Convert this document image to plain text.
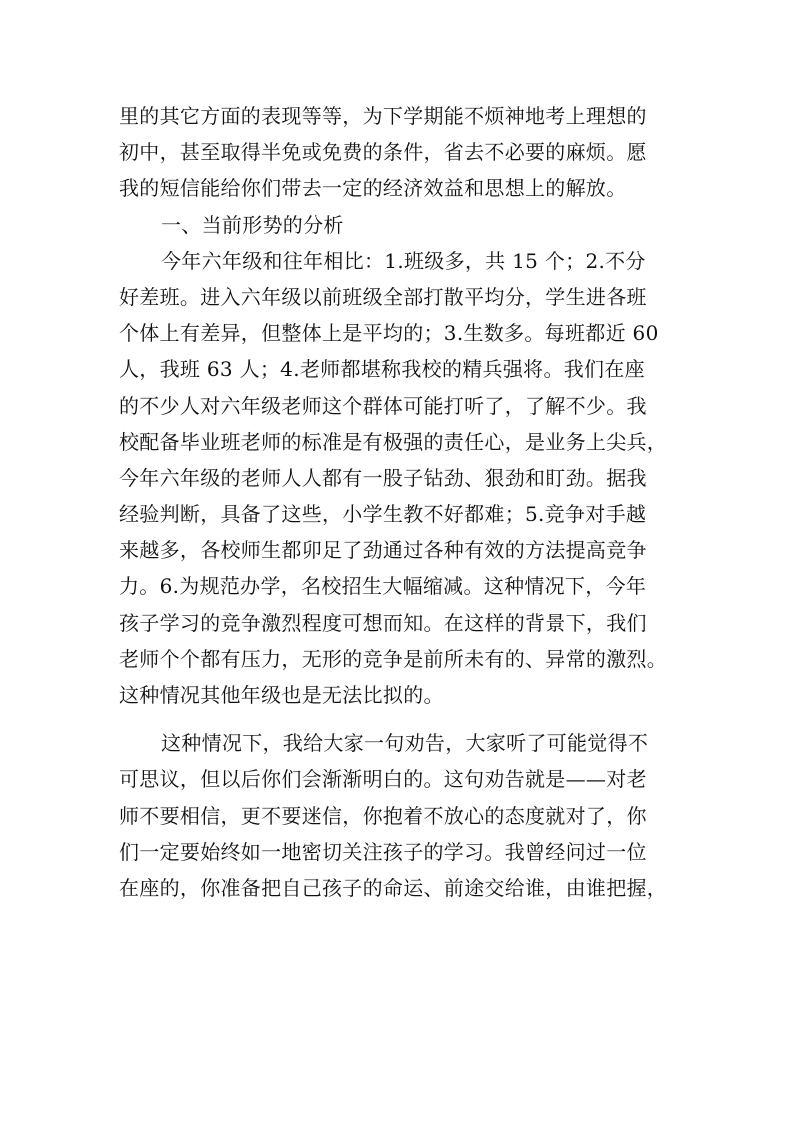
里的其它方面的表现等等，为下学期能不烦神地考上理想的
初中，甚至取得半免或免费的条件，省去不必要的麻烦。愿
我的短信能给你们带去一定的经济效益和思想上的解放。
一、当前形势的分析
今年六年级和往年相比：1.班级多，共 15 个；2.不分
好差班。进入六年级以前班级全部打散平均分，学生进各班
个体上有差异，但整体上是平均的；3.生数多。每班都近 60
人，我班 63 人；4.老师都堪称我校的精兵强将。我们在座
的不少人对六年级老师这个群体可能打听了，了解不少。我
校配备毕业班老师的标准是有极强的责任心，是业务上尖兵，
今年六年级的老师人人都有一股子钻劲、狠劲和盯劲。据我
经验判断，具备了这些，小学生教不好都难；5.竞争对手越
来越多，各校师生都卯足了劲通过各种有效的方法提高竞争
力。6.为规范办学，名校招生大幅缩减。这种情况下，今年
孩子学习的竞争激烈程度可想而知。在这样的背景下，我们
老师个个都有压力，无形的竞争是前所未有的、异常的激烈。
这种情况其他年级也是无法比拟的。
这种情况下，我给大家一句劝告，大家听了可能觉得不
可思议，但以后你们会渐渐明白的。这句劝告就是——对老
师不要相信，更不要迷信，你抱着不放心的态度就对了，你
们一定要始终如一地密切关注孩子的学习。我曾经问过一位
在座的，你准备把自己孩子的命运、前途交给谁，由谁把握，
